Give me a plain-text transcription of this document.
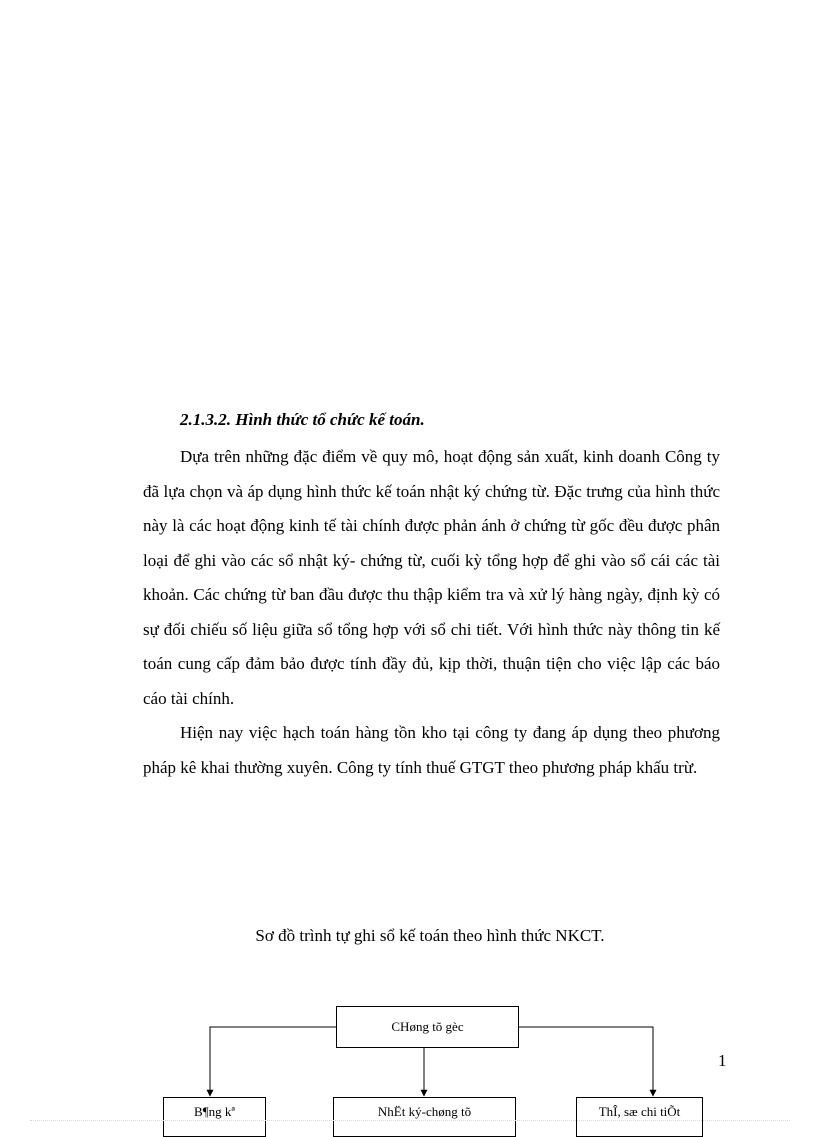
2.1.3.2. Hình thức tổ chức kế toán.

Dựa trên những đặc điểm về quy mô, hoạt động sản xuất, kinh doanh Công ty đã lựa chọn và áp dụng hình thức kế toán nhật ký chứng từ. Đặc trưng của hình thức này là các hoạt động kinh tế tài chính được phản ánh ở chứng từ gốc đều được phân loại để ghi vào các sổ nhật ký- chứng từ, cuối kỳ tổng hợp để ghi vào sổ cái các tài khoản. Các chứng từ ban đầu được thu thập kiểm tra và xử lý hàng ngày, định kỳ có sự đối chiếu số liệu giữa sổ tổng hợp với sổ chi tiết. Với hình thức này thông tin kế toán cung cấp đảm bảo được tính đầy đủ, kịp thời, thuận tiện cho việc lập các báo cáo tài chính.

Hiện nay việc hạch toán hàng tồn kho tại công ty đang áp dụng theo phương pháp kê khai thường xuyên. Công ty tính thuế GTGT theo phương pháp khấu trừ.

Sơ đồ trình tự ghi sổ kế toán theo hình thức NKCT.
CHøng tõ gèc
B¶ng kª	NhËt ký-chøng tõ	ThÎ, sæ chi tiÕt
1
